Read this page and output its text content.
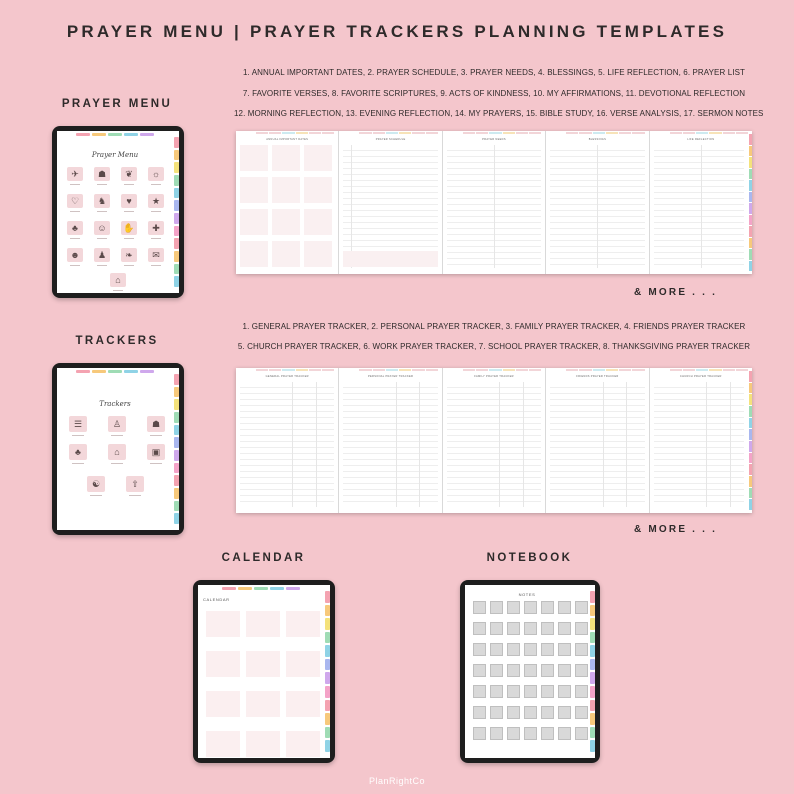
PRAYER MENU | PRAYER TRACKERS PLANNING TEMPLATES
PRAYER MENU
TRACKERS
CALENDAR	NOTEBOOK
1. ANNUAL IMPORTANT DATES, 2. PRAYER SCHEDULE, 3. PRAYER NEEDS, 4. BLESSINGS, 5. LIFE REFLECTION, 6. PRAYER LIST
7. FAVORITE VERSES, 8. FAVORITE SCRIPTURES, 9. ACTS OF KINDNESS, 10. MY AFFIRMATIONS, 11. DEVOTIONAL REFLECTION
12. MORNING REFLECTION, 13. EVENING REFLECTION, 14. MY PRAYERS, 15. BIBLE STUDY, 16. VERSE ANALYSIS, 17. SERMON NOTES
1. GENERAL PRAYER TRACKER, 2. PERSONAL PRAYER TRACKER, 3. FAMILY PRAYER TRACKER, 4. FRIENDS PRAYER TRACKER
5. CHURCH PRAYER TRACKER, 6. WORK PRAYER TRACKER, 7. SCHOOL PRAYER TRACKER, 8. THANKSGIVING PRAYER TRACKER
& MORE . . .
& MORE . . .
Prayer Menu
✈	☗	❦	☼
♡	♞	♥	★
♣	☺	✋	✚
☻	♟	❧	✉
⌂
Trackers
☰	♙	☗
♣	⌂	▣
☯	⇧
ANNUAL IMPORTANT DATES	PRAYER SCHEDULE	PRAYER NEEDS	BLESSINGS	LIFE REFLECTION
GENERAL PRAYER TRACKER	PERSONAL PRAYER TRACKER	FAMILY PRAYER TRACKER	FRIENDS PRAYER TRACKER	CHURCH PRAYER TRACKER
CALENDAR
NOTES
PlanRightCo
